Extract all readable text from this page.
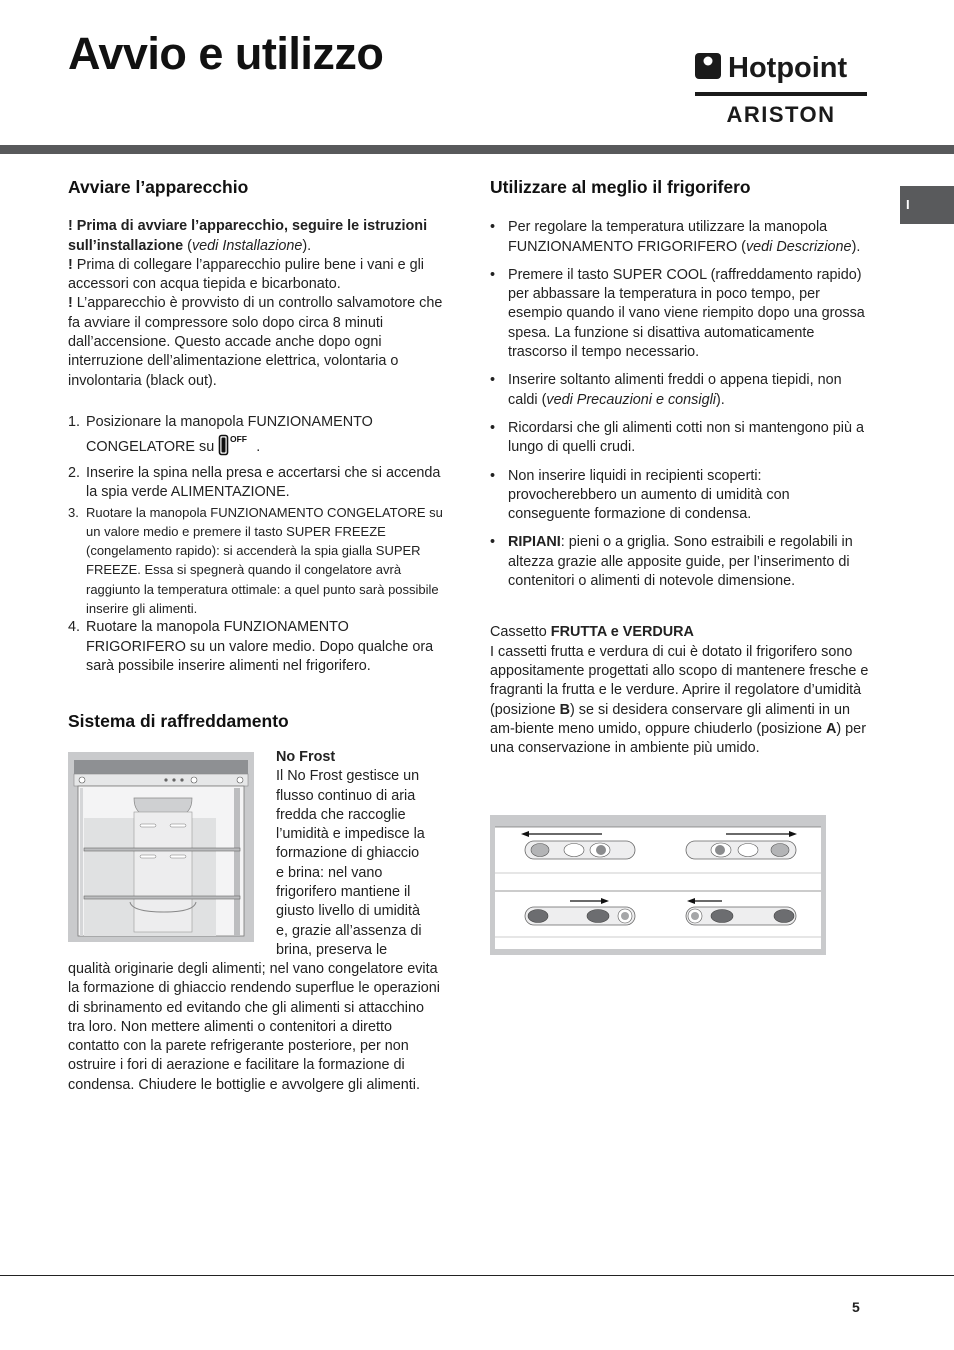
Avvio e utilizzo	Hotpoint
ARISTON
I
Avviare l’apparecchio

! Prima di avviare l’apparecchio, seguire le istruzioni sull’installazione (vedi Installazione).

! Prima di collegare l’apparecchio pulire bene i vani e gli accessori con acqua tiepida e bicarbonato.

! L’apparecchio è provvisto di un controllo salvamotore che fa avviare il compressore solo dopo circa 8 minuti dall’accensione. Questo accade anche dopo ogni interruzione dell’alimentazione elettrica, volontaria o involontaria (black out).

1. Posizionare la manopola FUNZIONAMENTO CONGELATORE su OFF .
2. Inserire la spina nella presa e accertarsi che si accenda la spia verde ALIMENTAZIONE.
3. Ruotare la manopola FUNZIONAMENTO CONGELATORE su un valore medio e premere il tasto SUPER FREEZE (congelamento rapido): si accenderà la spia gialla SUPER FREEZE. Essa si spegnerà quando il congelatore avrà raggiunto la temperatura ottimale: a quel punto sarà possibile inserire gli alimenti.
4. Ruotare la manopola FUNZIONAMENTO FRIGORIFERO su un valore medio. Dopo qualche ora sarà possibile inserire alimenti nel frigorifero.
Sistema di raffreddamento

No Frost

Il No Frost gestisce un

flusso continuo di aria

fredda che raccoglie

l’umidità e impedisce la

formazione di ghiaccio

e brina: nel vano

frigorifero mantiene il

giusto livello di umidità

e, grazie all’assenza di

brina, preserva le

qualità originarie degli alimenti; nel vano congelatore evita la formazione di ghiaccio rendendo superflue le operazioni di sbrinamento ed evitando che gli alimenti si attacchino tra loro. Non mettere alimenti o contenitori a diretto contatto con la parete refrigerante posteriore, per non ostruire i fori di aerazione e facilitare la formazione di condensa. Chiudere le bottiglie e avvolgere gli alimenti.

Utilizzare al meglio il frigorifero
• Per regolare la temperatura utilizzare la manopola FUNZIONAMENTO FRIGORIFERO (vedi Descrizione).
• Premere il tasto SUPER COOL (raffreddamento rapido) per abbassare la temperatura in poco tempo, per esempio quando il vano viene riempito dopo una grossa spesa. La funzione si disattiva automaticamente trascorso il tempo necessario.
• Inserire soltanto alimenti freddi o appena tiepidi, non caldi (vedi Precauzioni e consigli).
• Ricordarsi che gli alimenti cotti non si mantengono più a lungo di quelli crudi.
• Non inserire liquidi in recipienti scoperti: provocherebbero un aumento di umidità con conseguente formazione di condensa.
• RIPIANI: pieni o a griglia. Sono estraibili e regolabili in altezza grazie alle apposite guide, per l’inserimento di contenitori o alimenti di notevole dimensione.

Cassetto FRUTTA e VERDURA

I cassetti frutta e verdura di cui è dotato il frigorifero sono appositamente progettati allo scopo di mantenere fresche e fragranti la frutta e le verdure. Aprire il regolatore d’umidità (posizione B) se si desidera conservare gli alimenti in un am-biente meno umido, oppure chiuderlo (posizione A) per una conservazione in ambiente più umido.

5
